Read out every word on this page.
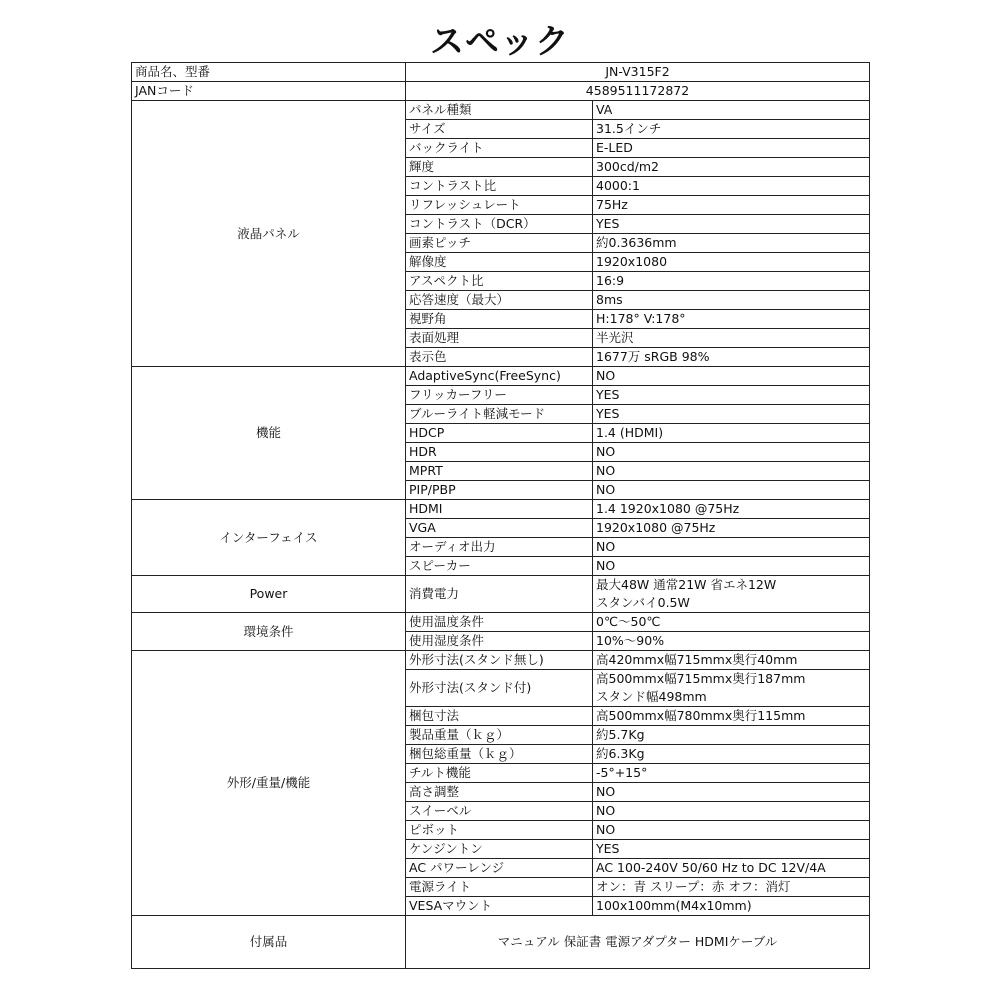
スペック
商品名、型番	JN-V315F2	
JANコード	4589511172872	
液晶パネル	パネル種類	VA

	サイズ	31.5インチ

	バックライト	E-LED

	輝度	300cd/m2

	コントラスト比	4000:1

	リフレッシュレート	75Hz

	コントラスト（DCR）	YES

	画素ピッチ	約0.3636mm

	解像度	1920x1080

	アスペクト比	16:9

	応答速度（最大）	8ms

	視野角	H:178° V:178°

	表面処理	半光沢

	表示色	1677万 sRGB 98%

機能	AdaptiveSync(FreeSync)	NO

	フリッカーフリー	YES

	ブルーライト軽減モード	YES

	HDCP	1.4 (HDMI)

	HDR	NO

	MPRT	NO

	PIP/PBP	NO

インターフェイス	HDMI	1.4 1920x1080 @75Hz

	VGA	1920x1080 @75Hz

	オーディオ出力	NO

	スピーカー	NO

Power	消費電力	最大48W 通常21W 省エネ12W
スタンバイ0.5W

環境条件	使用温度条件	0℃～50℃

	使用湿度条件	10%～90%

外形/重量/機能	外形寸法(スタンド無し)	高420mmx幅715mmx奥行40mm

	外形寸法(スタンド付)	高500mmx幅715mmx奥行187mm
スタンド幅498mm

	梱包寸法	高500mmx幅780mmx奥行115mm

	製品重量（ｋｇ）	約5.7Kg

	梱包総重量（ｋｇ）	約6.3Kg

	チルト機能	-5°+15°

	高さ調整	NO

	スイーベル	NO

	ピボット	NO

	ケンジントン	YES

	AC パワーレンジ	AC 100-240V 50/60 Hz to DC 12V/4A

	電源ライト	オン：青 スリープ：赤 オフ：消灯

	VESAマウント	100x100mm(M4x10mm)

付属品	マニュアル 保証書 電源アダプター HDMIケーブル	
